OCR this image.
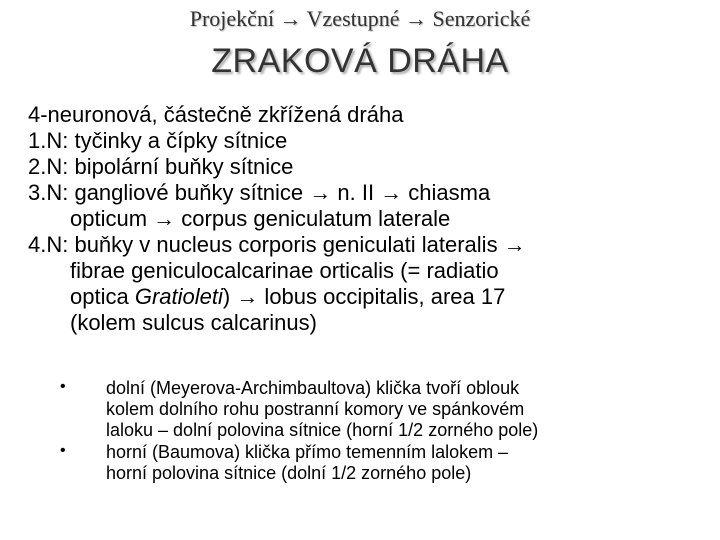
Projekční → Vzestupné → Senzorické
ZRAKOVÁ DRÁHA
4-neuronová, částečně zkřížená dráha
1.N: tyčinky a čípky sítnice
2.N: bipolární buňky sítnice
3.N: gangliové buňky sítnice → n. II → chiasma
opticum → corpus geniculatum laterale
4.N: buňky v nucleus corporis geniculati lateralis →
fibrae geniculocalcarinae orticalis (= radiatio
optica Gratioleti) → lobus occipitalis, area 17
(kolem sulcus calcarinus)
• dolní (Meyerova-Archimbaultova) klička tvoří oblouk
kolem dolního rohu postranní komory ve spánkovém
laloku – dolní polovina sítnice (horní 1/2 zorného pole)
• horní (Baumova) klička přímo temenním lalokem –
horní polovina sítnice (dolní 1/2 zorného pole)
